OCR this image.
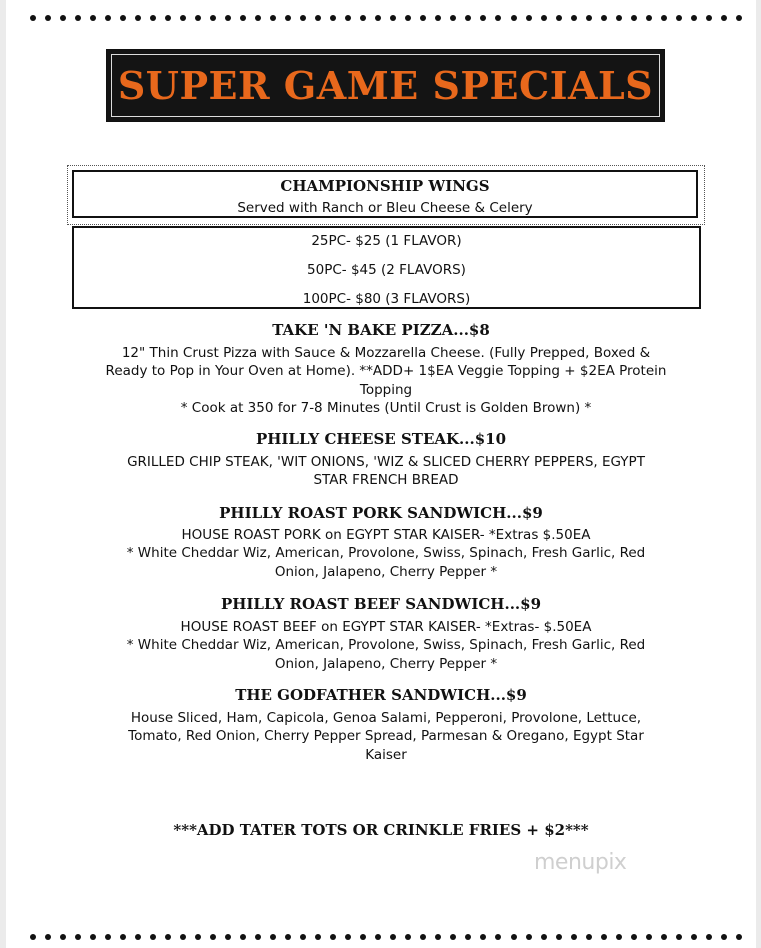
SUPER GAME SPECIALS
CHAMPIONSHIP WINGS
Served with Ranch or Bleu Cheese & Celery
25PC- $25 (1 FLAVOR)
50PC- $45 (2 FLAVORS)
100PC- $80 (3 FLAVORS)
TAKE 'N BAKE PIZZA...$8
12" Thin Crust Pizza with Sauce & Mozzarella Cheese. (Fully Prepped, Boxed &
Ready to Pop in Your Oven at Home). **ADD+ 1$EA Veggie Topping + $2EA Protein
Topping
* Cook at 350 for 7-8 Minutes (Until Crust is Golden Brown) *
PHILLY CHEESE STEAK...$10
GRILLED CHIP STEAK, 'WIT ONIONS, 'WIZ & SLICED CHERRY PEPPERS, EGYPT
STAR FRENCH BREAD
PHILLY ROAST PORK SANDWICH...$9
HOUSE ROAST PORK on EGYPT STAR KAISER- *Extras $.50EA
* White Cheddar Wiz, American, Provolone, Swiss, Spinach, Fresh Garlic, Red
Onion, Jalapeno, Cherry Pepper *
PHILLY ROAST BEEF SANDWICH...$9
HOUSE ROAST BEEF on EGYPT STAR KAISER- *Extras- $.50EA
* White Cheddar Wiz, American, Provolone, Swiss, Spinach, Fresh Garlic, Red
Onion, Jalapeno, Cherry Pepper *
THE GODFATHER SANDWICH...$9
House Sliced, Ham, Capicola, Genoa Salami, Pepperoni, Provolone, Lettuce,
Tomato, Red Onion, Cherry Pepper Spread, Parmesan & Oregano, Egypt Star
Kaiser
***ADD TATER TOTS OR CRINKLE FRIES + $2***
menupix
